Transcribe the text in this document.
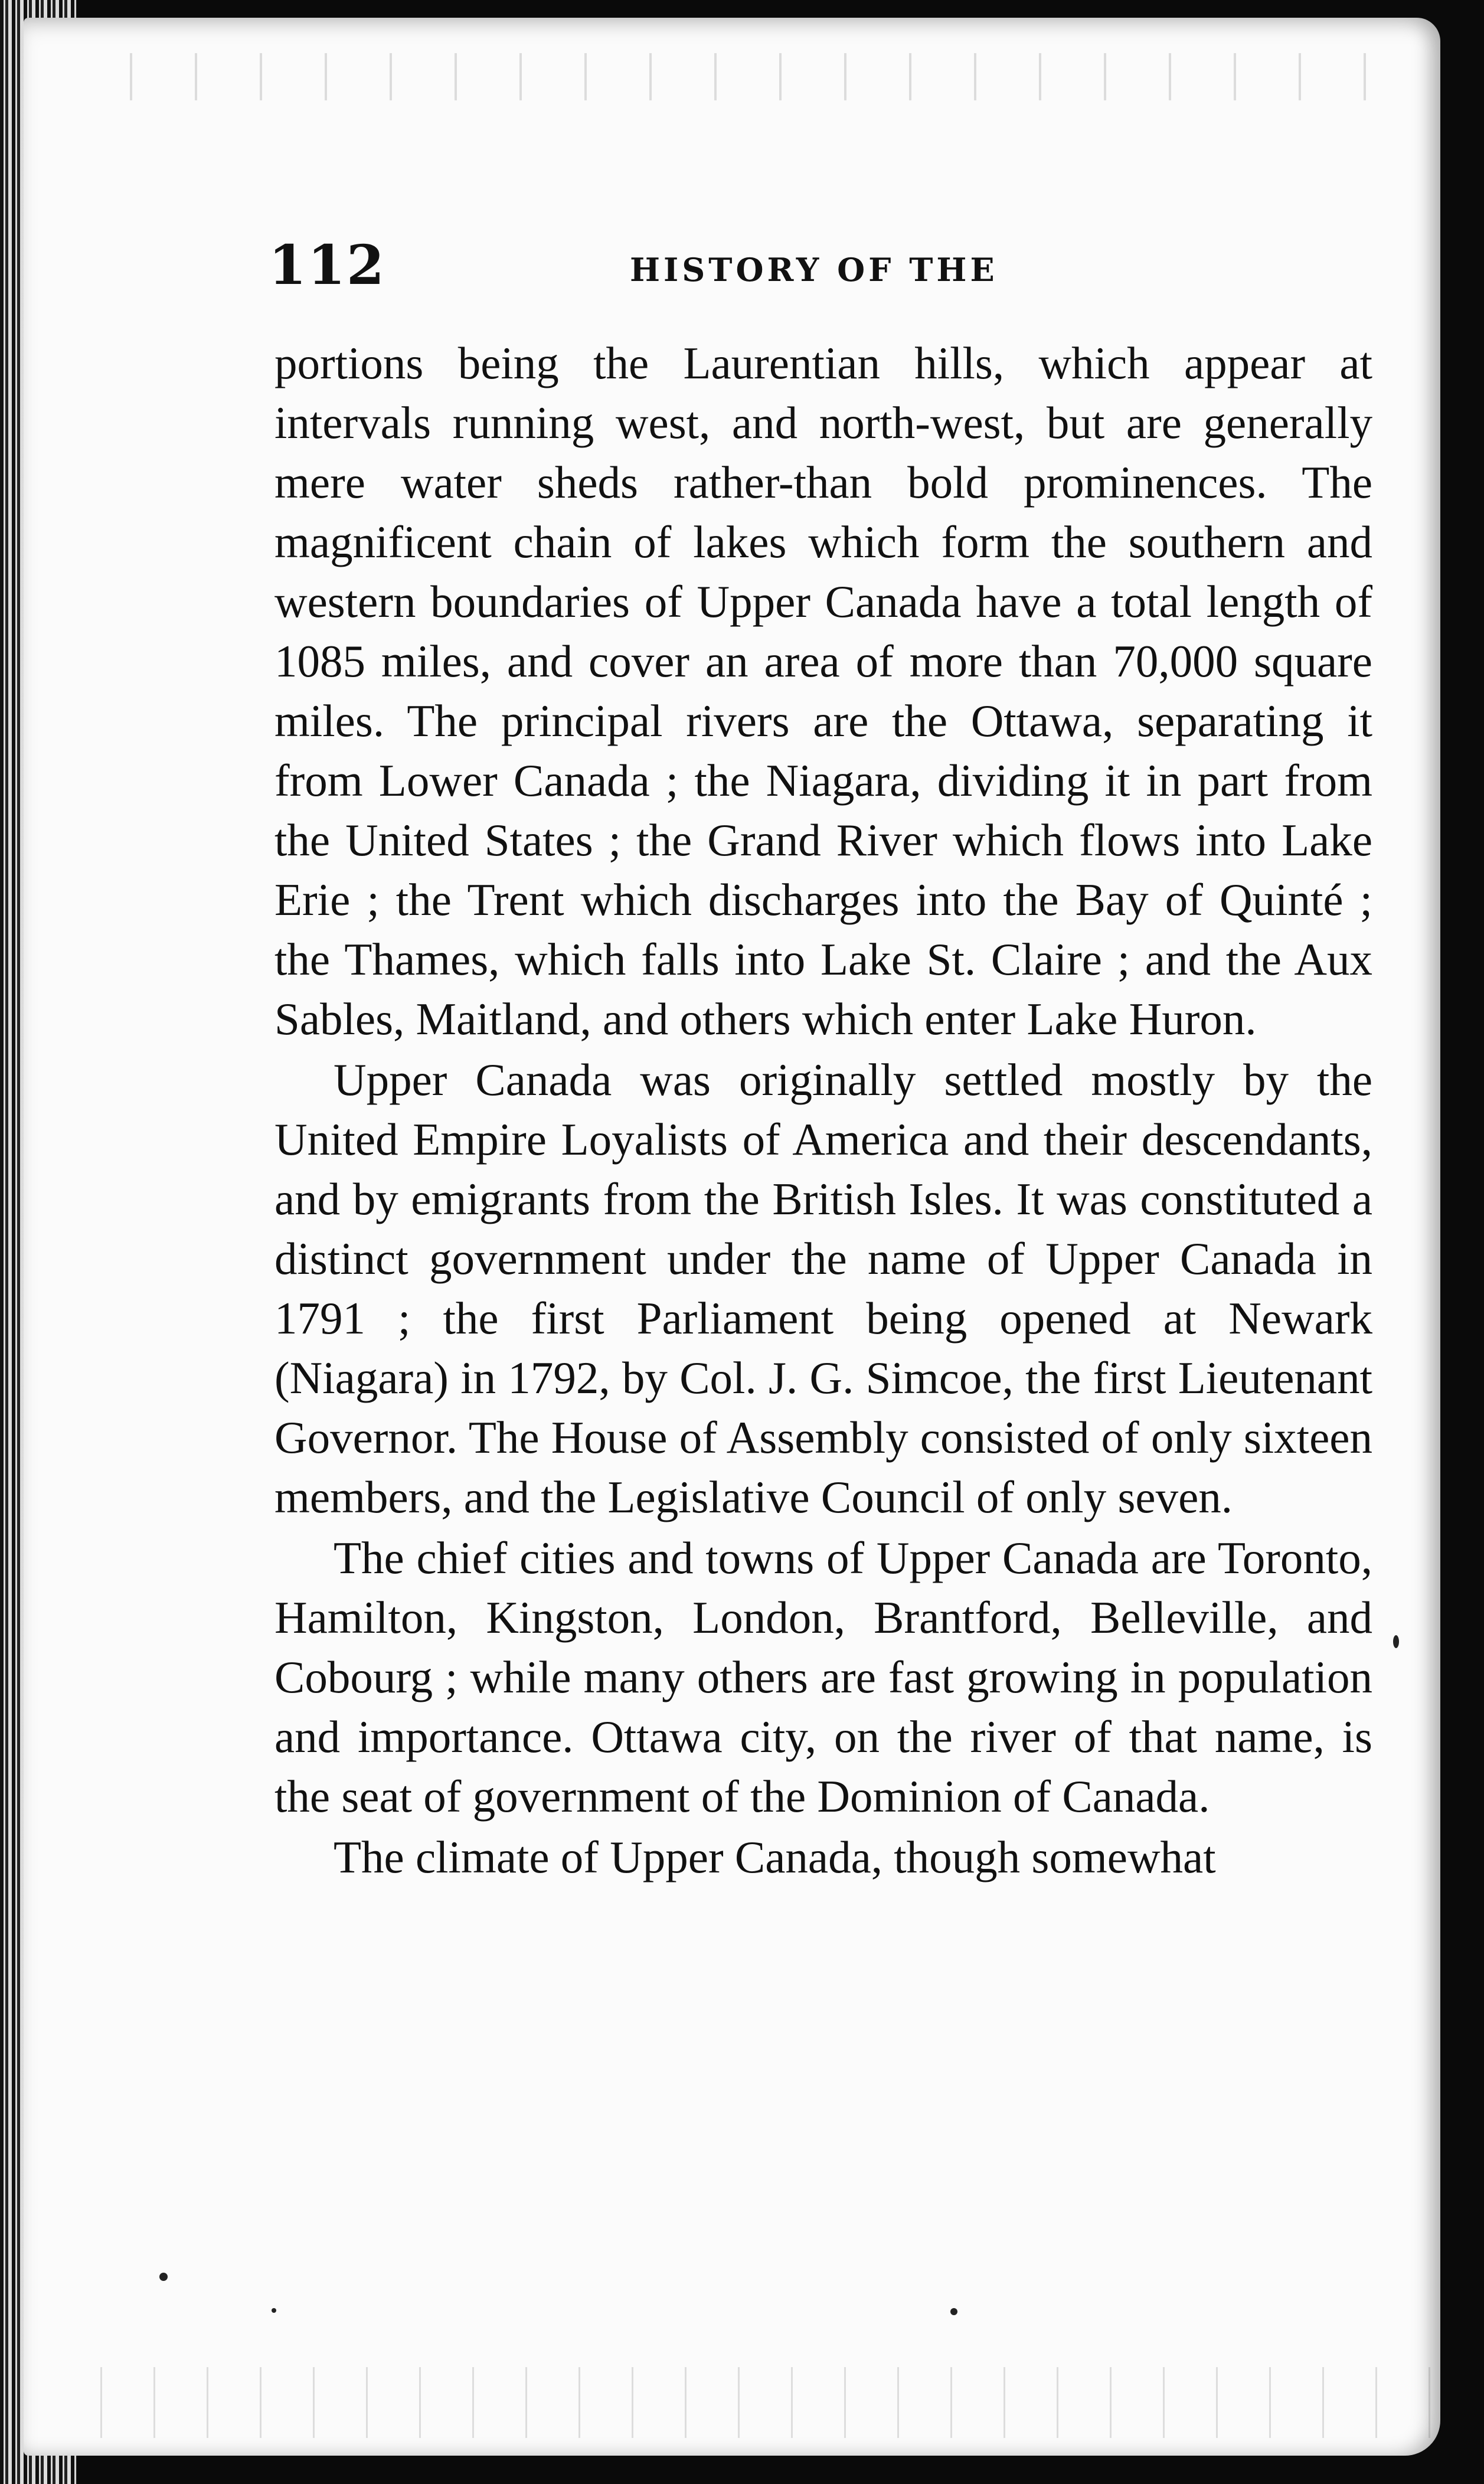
112	HISTORY OF THE

portions being the Laurentian hills, which appear at intervals running west, and north-west, but are generally mere water sheds rather-than bold prominences. The magnificent chain of lakes which form the southern and western boundaries of Upper Canada have a total length of 1085 miles, and cover an area of more than 70,000 square miles. The principal rivers are the Ottawa, separating it from Lower Canada ; the Niagara, dividing it in part from the United States ; the Grand River which flows into Lake Erie ; the Trent which discharges into the Bay of Quinté ; the Thames, which falls into Lake St. Claire ; and the Aux Sables, Maitland, and others which enter Lake Huron.

Upper Canada was originally settled mostly by the United Empire Loyalists of America and their descendants, and by emigrants from the British Isles. It was constituted a distinct government under the name of Upper Canada in 1791 ; the first Parliament being opened at Newark (Niagara) in 1792, by Col. J. G. Simcoe, the first Lieutenant Governor. The House of Assembly consisted of only sixteen members, and the Legislative Council of only seven.

The chief cities and towns of Upper Canada are Toronto, Hamilton, Kingston, London, Brantford, Belleville, and Cobourg ; while many others are fast growing in population and importance. Ottawa city, on the river of that name, is the seat of government of the Dominion of Canada.

The climate of Upper Canada, though somewhat
